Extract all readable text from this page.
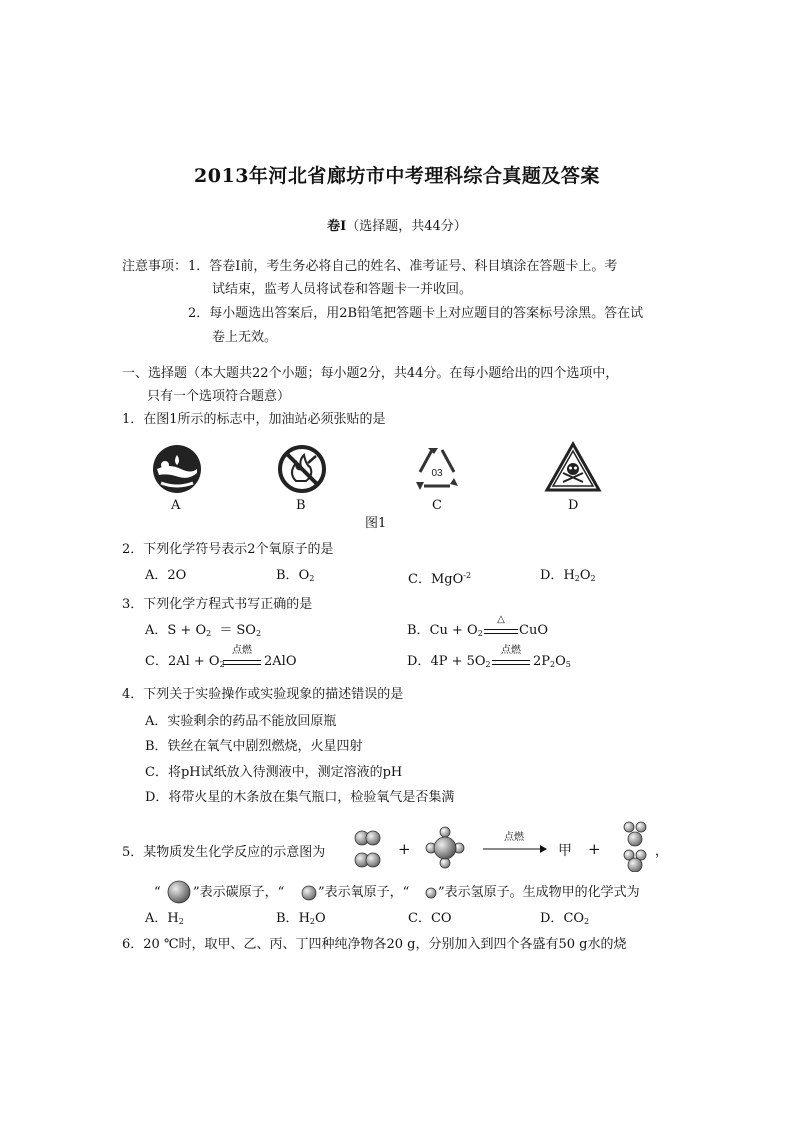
2013年河北省廊坊市中考理科综合真题及答案
卷Ⅰ（选择题，共44分）
注意事项： 1．答卷Ⅰ前，考生务必将自己的姓名、准考证号、科目填涂在答题卡上。考
试结束，监考人员将试卷和答题卡一并收回。
2．每小题选出答案后，用2B铅笔把答题卡上对应题目的答案标号涂黑。答在试
卷上无效。
一、选择题（本大题共22个小题；每小题2分，共44分。在每小题给出的四个选项中，
只有一个选项符合题意）
1．在图1所示的标志中，加油站必须张贴的是
03
A	B	C	D
图1
2．下列化学符号表示2个氧原子的是
A．2O	B．$O_2$	C．MgO$^{-2}$	D．$H_2O_2$
3．下列化学方程式书写正确的是
A．$S + O_2 = SO_2$	B．$Cu + O_2$
△
CuO
C．$2Al + O_2$
点燃
2AlO	D．$4P + 5O_2$
点燃
$2P_2O_5$
4．下列关于实验操作或实验现象的描述错误的是
A．实验剩余的药品不能放回原瓶
B．铁丝在氧气中剧烈燃烧，火星四射
C．将pH试纸放入待测液中，测定溶液的pH
D．将带火星的木条放在集气瓶口，检验氧气是否集满
5．某物质发生化学反应的示意图为	+
点燃
甲 +	，
“ ”表示碳原子，“	”表示氧原子，“ ”表示氢原子。生成物甲的化学式为
A．$H_2$	B．$H_2O$	C．CO	D．$CO_2$
6．20 ℃时，取甲、乙、丙、丁四种纯净物各20 g，分别加入到四个各盛有50 g水的烧
